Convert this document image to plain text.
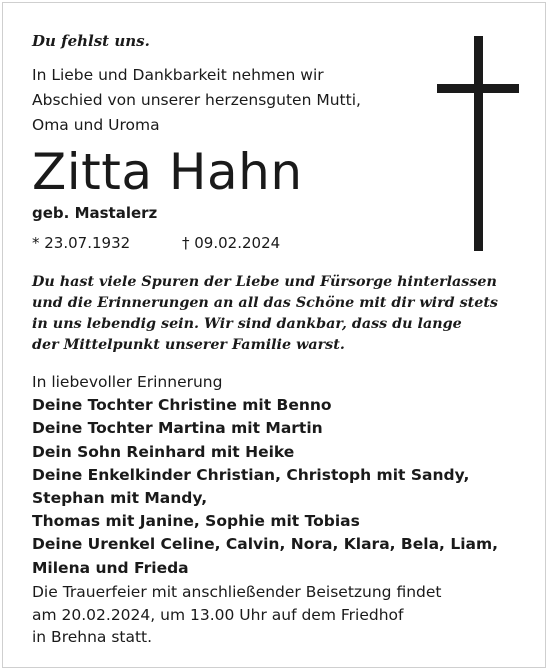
Du fehlst uns.
In Liebe und Dankbarkeit nehmen wir
Abschied von unserer herzensguten Mutti,
Oma und Uroma
Zitta Hahn
geb. Mastalerz
* 23.07.1932	† 09.02.2024
Du hast viele Spuren der Liebe und Fürsorge hinterlassen
und die Erinnerungen an all das Schöne mit dir wird stets
in uns lebendig sein. Wir sind dankbar, dass du lange
der Mittelpunkt unserer Familie warst.
In liebevoller Erinnerung
Deine Tochter Christine mit Benno
Deine Tochter Martina mit Martin
Dein Sohn Reinhard mit Heike
Deine Enkelkinder Christian, Christoph mit Sandy,
Stephan mit Mandy,
Thomas mit Janine, Sophie mit Tobias
Deine Urenkel Celine, Calvin, Nora, Klara, Bela, Liam,
Milena und Frieda
Die Trauerfeier mit anschließender Beisetzung findet
am 20.02.2024, um 13.00 Uhr auf dem Friedhof
in Brehna statt.
